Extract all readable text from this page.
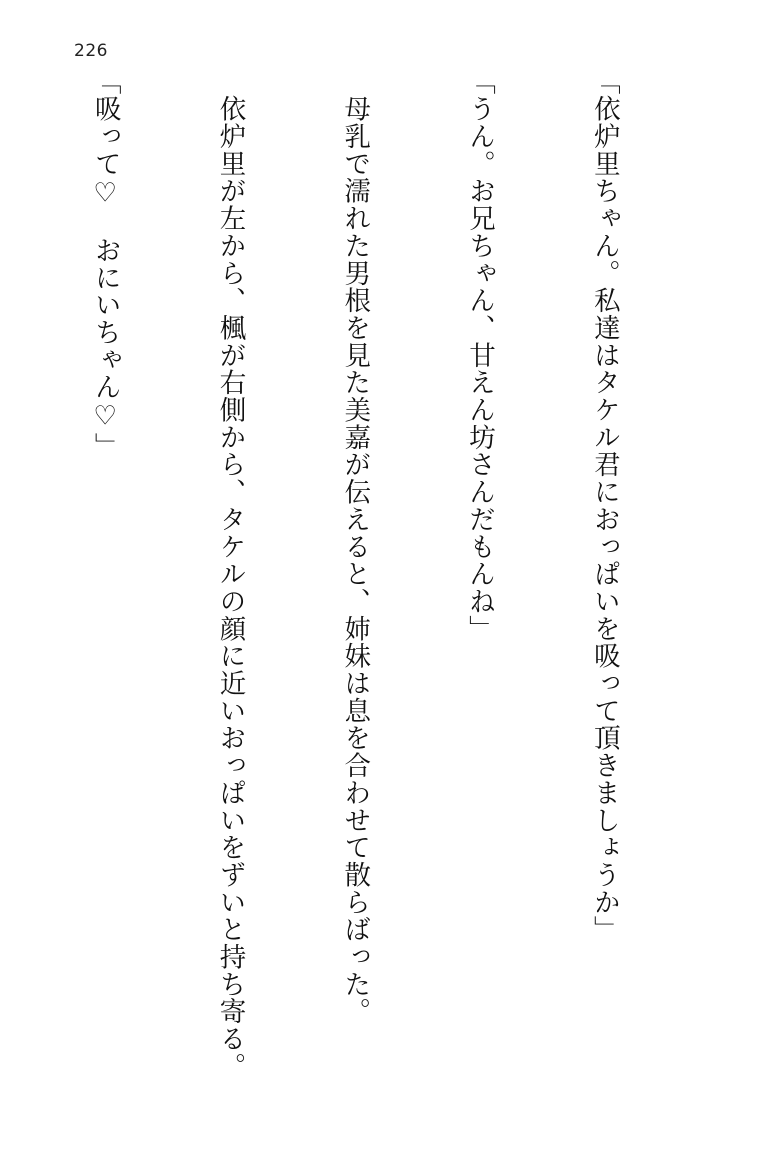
226

「依炉里ちゃん。私達はタケル君におっぱいを吸って頂きましょうか」

「うん。お兄ちゃん、甘えん坊さんだもんね」

　母乳で濡れた男根を見た美嘉が伝えると、姉妹は息を合わせて散らばった。

　依炉里が左から、楓が右側から、タケルの顔に近いおっぱいをずいと持ち寄る。

「吸って♡　おにいちゃん♡」
